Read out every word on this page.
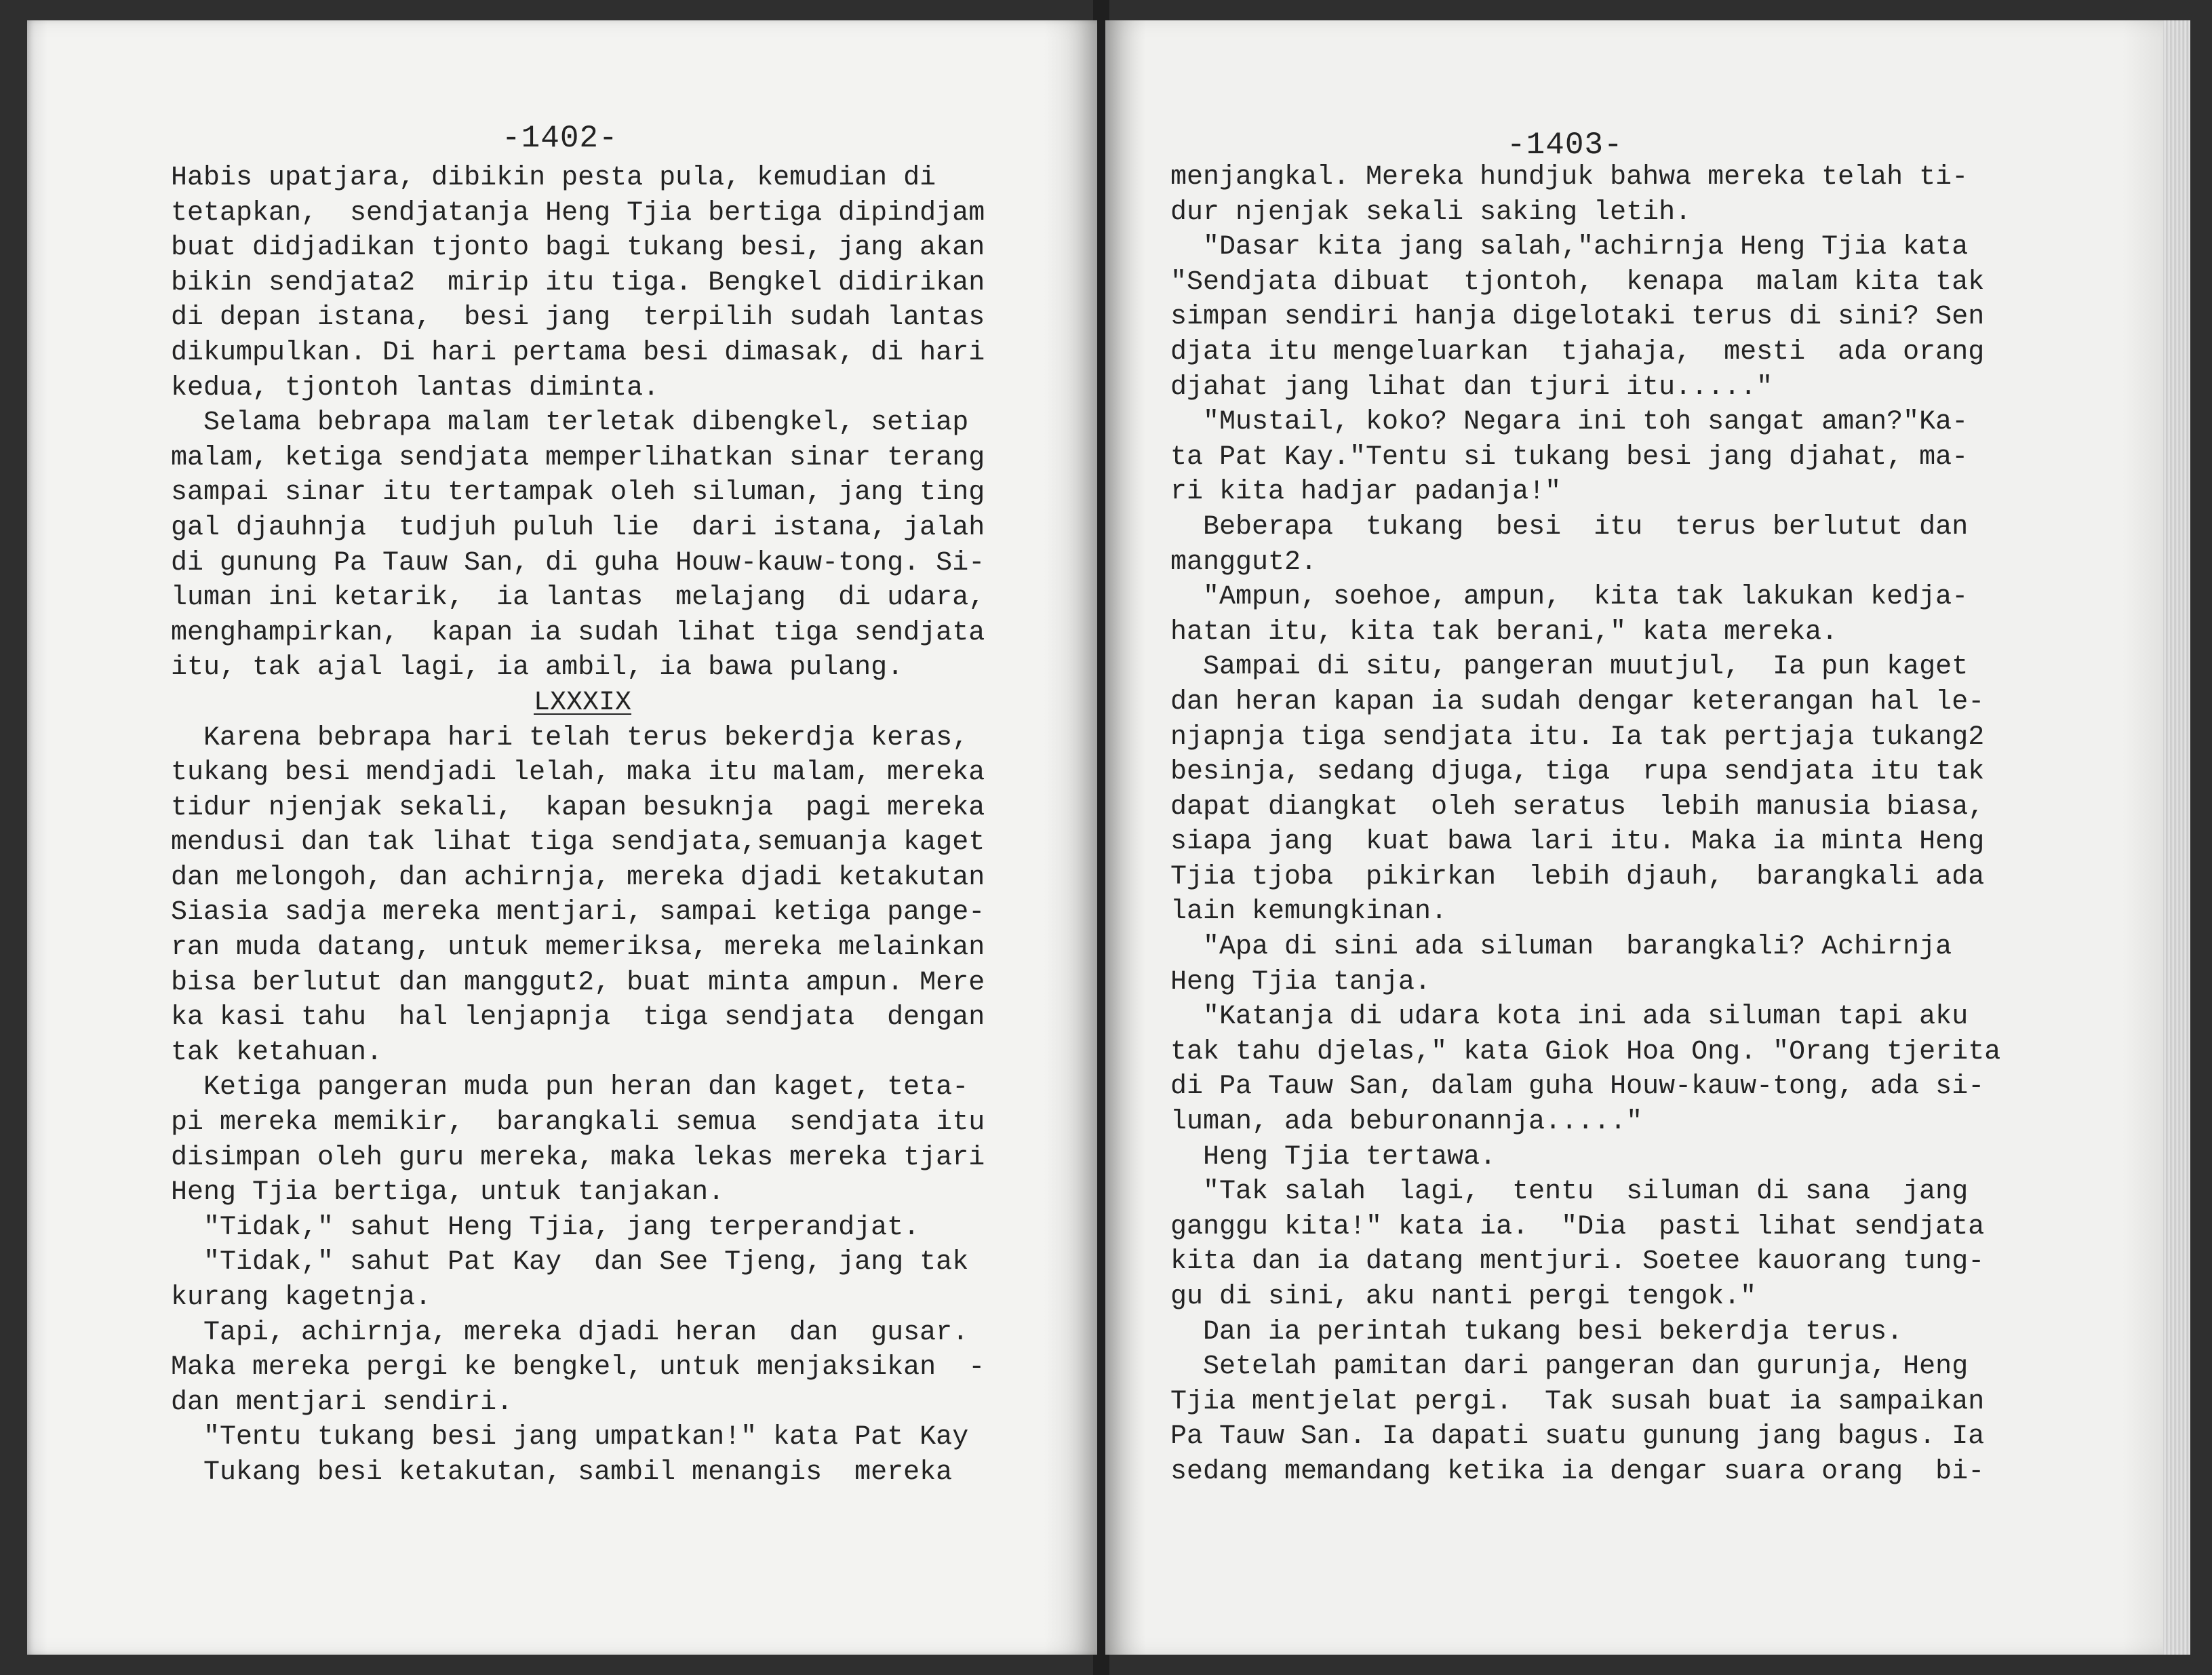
-1402-
Habis upatjara, dibikin pesta pula, kemudian di
tetapkan,  sendjatanja Heng Tjia bertiga dipindjam
buat didjadikan tjonto bagi tukang besi, jang akan
bikin sendjata2  mirip itu tiga. Bengkel didirikan
di depan istana,  besi jang  terpilih sudah lantas
dikumpulkan. Di hari pertama besi dimasak, di hari
kedua, tjontoh lantas diminta.
Selama bebrapa malam terletak dibengkel, setiap
malam, ketiga sendjata memperlihatkan sinar terang
sampai sinar itu tertampak oleh siluman, jang ting
gal djauhnja  tudjuh puluh lie  dari istana, jalah
di gunung Pa Tauw San, di guha Houw-kauw-tong. Si-
luman ini ketarik,  ia lantas  melajang  di udara,
menghampirkan,  kapan ia sudah lihat tiga sendjata
itu, tak ajal lagi, ia ambil, ia bawa pulang.
LXXXIX
Karena bebrapa hari telah terus bekerdja keras,
tukang besi mendjadi lelah, maka itu malam, mereka
tidur njenjak sekali,  kapan besuknja  pagi mereka
mendusi dan tak lihat tiga sendjata,semuanja kaget
dan melongoh, dan achirnja, mereka djadi ketakutan
Siasia sadja mereka mentjari, sampai ketiga pange-
ran muda datang, untuk memeriksa, mereka melainkan
bisa berlutut dan manggut2, buat minta ampun. Mere
ka kasi tahu  hal lenjapnja  tiga sendjata  dengan
tak ketahuan.
Ketiga pangeran muda pun heran dan kaget, teta-
pi mereka memikir,  barangkali semua  sendjata itu
disimpan oleh guru mereka, maka lekas mereka tjari
Heng Tjia bertiga, untuk tanjakan.
"Tidak," sahut Heng Tjia, jang terperandjat.
"Tidak," sahut Pat Kay  dan See Tjeng, jang tak
kurang kagetnja.
Tapi, achirnja, mereka djadi heran  dan  gusar.
Maka mereka pergi ke bengkel, untuk menjaksikan  -
dan mentjari sendiri.
"Tentu tukang besi jang umpatkan!" kata Pat Kay
Tukang besi ketakutan, sambil menangis  mereka
-1403-
menjangkal. Mereka hundjuk bahwa mereka telah ti-
dur njenjak sekali saking letih.
"Dasar kita jang salah,"achirnja Heng Tjia kata
"Sendjata dibuat  tjontoh,  kenapa  malam kita tak
simpan sendiri hanja digelotaki terus di sini? Sen
djata itu mengeluarkan  tjahaja,  mesti  ada orang
djahat jang lihat dan tjuri itu....."
"Mustail, koko? Negara ini toh sangat aman?"Ka-
ta Pat Kay."Tentu si tukang besi jang djahat, ma-
ri kita hadjar padanja!"
Beberapa  tukang  besi  itu  terus berlutut dan
manggut2.
"Ampun, soehoe, ampun,  kita tak lakukan kedja-
hatan itu, kita tak berani," kata mereka.
Sampai di situ, pangeran muutjul,  Ia pun kaget
dan heran kapan ia sudah dengar keterangan hal le-
njapnja tiga sendjata itu. Ia tak pertjaja tukang2
besinja, sedang djuga, tiga  rupa sendjata itu tak
dapat diangkat  oleh seratus  lebih manusia biasa,
siapa jang  kuat bawa lari itu. Maka ia minta Heng
Tjia tjoba  pikirkan  lebih djauh,  barangkali ada
lain kemungkinan.
"Apa di sini ada siluman  barangkali? Achirnja
Heng Tjia tanja.
"Katanja di udara kota ini ada siluman tapi aku
tak tahu djelas," kata Giok Hoa Ong. "Orang tjerita
di Pa Tauw San, dalam guha Houw-kauw-tong, ada si-
luman, ada beburonannja....."
Heng Tjia tertawa.
"Tak salah  lagi,  tentu  siluman di sana  jang
ganggu kita!" kata ia.  "Dia  pasti lihat sendjata
kita dan ia datang mentjuri. Soetee kauorang tung-
gu di sini, aku nanti pergi tengok."
Dan ia perintah tukang besi bekerdja terus.
Setelah pamitan dari pangeran dan gurunja, Heng
Tjia mentjelat pergi.  Tak susah buat ia sampaikan
Pa Tauw San. Ia dapati suatu gunung jang bagus. Ia
sedang memandang ketika ia dengar suara orang  bi-
